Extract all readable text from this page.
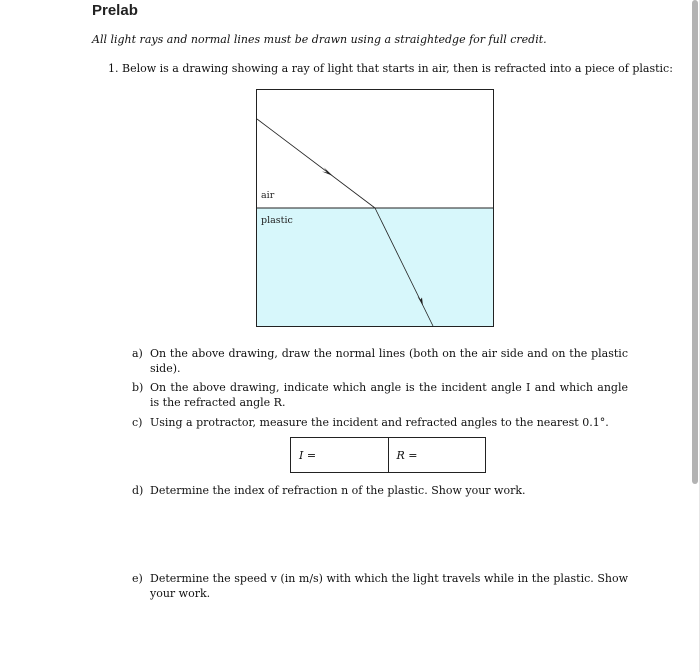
Prelab
All light rays and normal lines must be drawn using a straightedge for full credit.
1. Below is a drawing showing a ray of light that starts in air, then is refracted into a piece of plastic:
air
plastic
a) On the above drawing, draw the normal lines (both on the air side and on the plastic side).
b) On the above drawing, indicate which angle is the incident angle I and which angle is the refracted angle R.
c) Using a protractor, measure the incident and refracted angles to the nearest 0.1°.
I =	R =
d) Determine the index of refraction n of the plastic. Show your work.
e) Determine the speed v (in m/s) with which the light travels while in the plastic. Show your work.
